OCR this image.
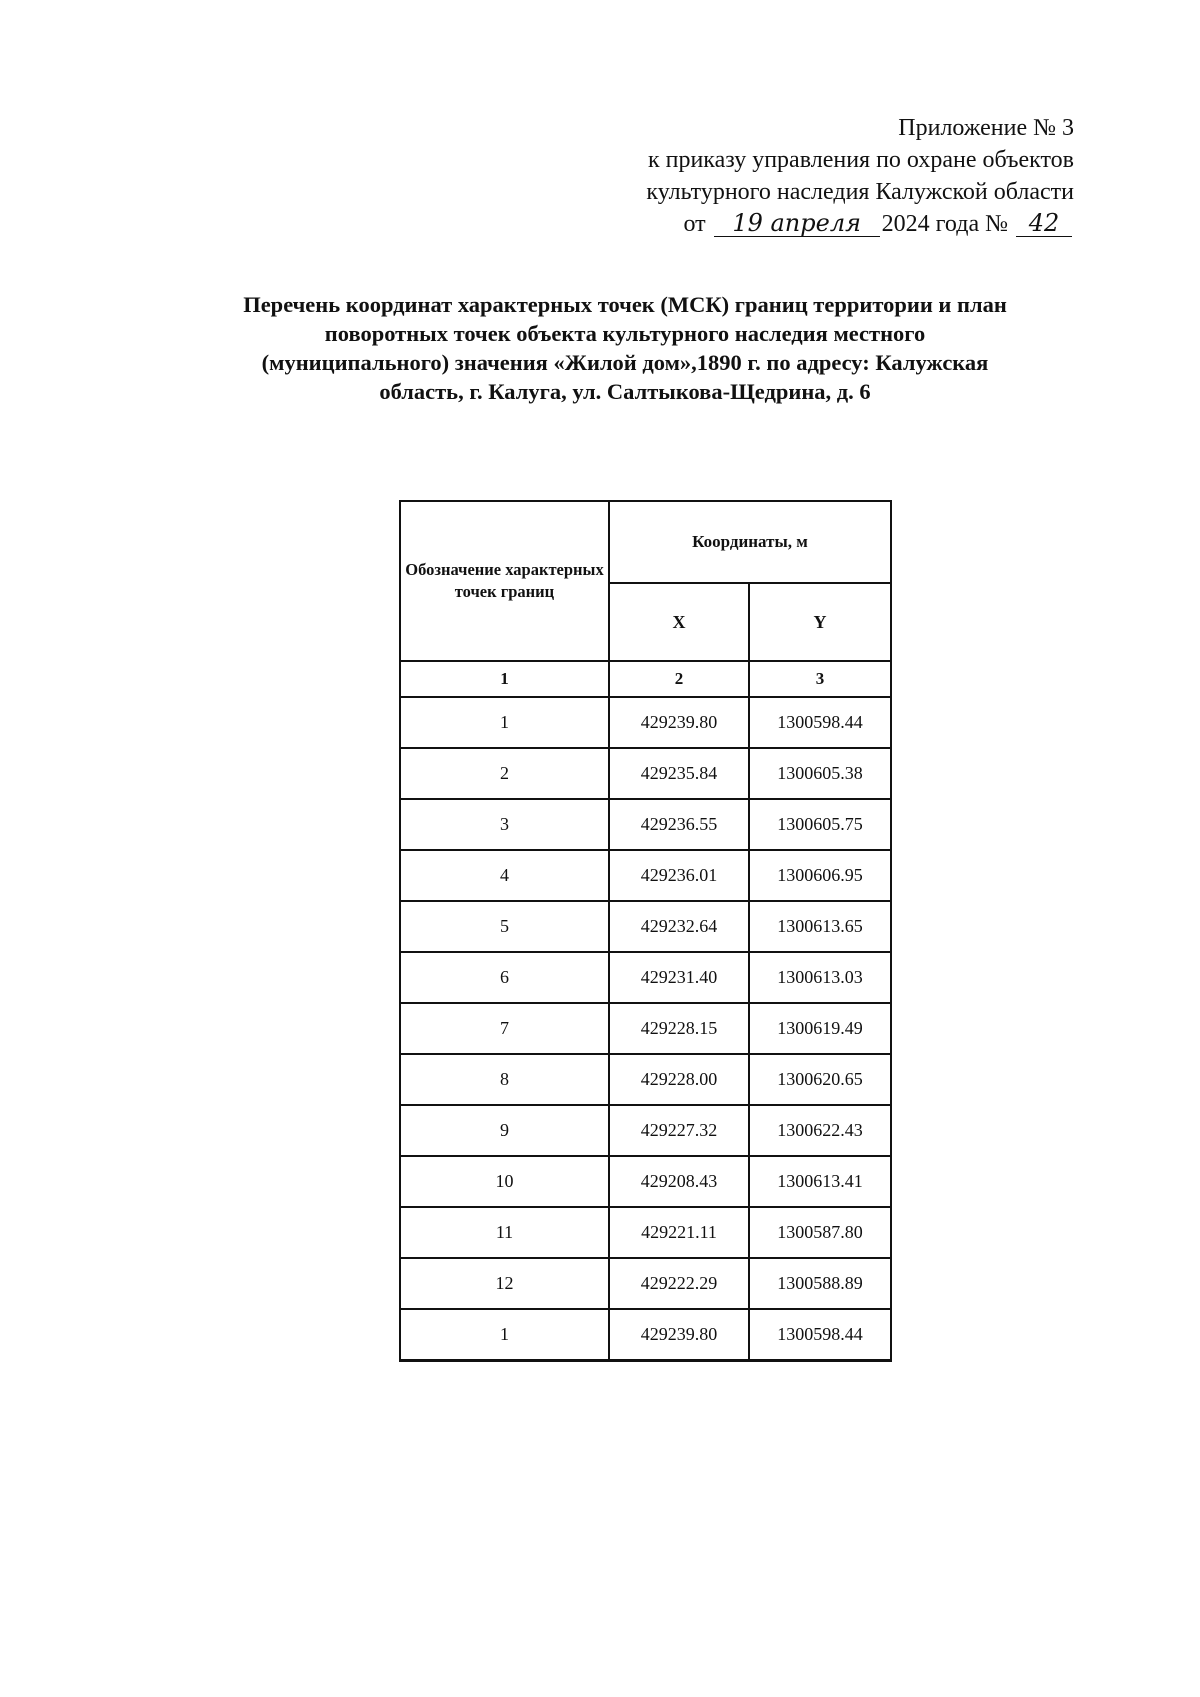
Приложение № 3
к приказу управления по охране объектов
культурного наследия Калужской области
от 19 апреля 2024 года № 42
Перечень координат характерных точек (МСК) границ территории и план
поворотных точек объекта культурного наследия местного
(муниципального) значения «Жилой дом»,1890 г. по адресу: Калужская
область, г. Калуга, ул. Салтыкова-Щедрина, д. 6
Обозначение характерных точек границ	Координаты, м	
	X	Y
1	2	3
1	429239.80	1300598.44
2	429235.84	1300605.38
3	429236.55	1300605.75
4	429236.01	1300606.95
5	429232.64	1300613.65
6	429231.40	1300613.03
7	429228.15	1300619.49
8	429228.00	1300620.65
9	429227.32	1300622.43
10	429208.43	1300613.41
11	429221.11	1300587.80
12	429222.29	1300588.89
1	429239.80	1300598.44
